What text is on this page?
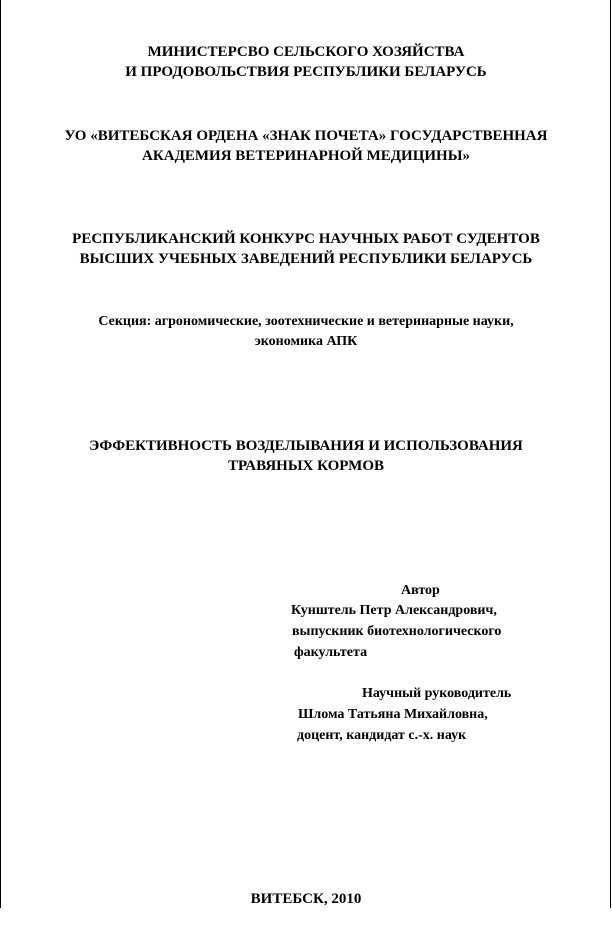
МИНИСТЕРСВО СЕЛЬСКОГО ХОЗЯЙСТВА
И ПРОДОВОЛЬСТВИЯ РЕСПУБЛИКИ БЕЛАРУСЬ
УО «ВИТЕБСКАЯ ОРДЕНА «ЗНАК ПОЧЕТА» ГОСУДАРСТВЕННАЯ
АКАДЕМИЯ ВЕТЕРИНАРНОЙ МЕДИЦИНЫ»
РЕСПУБЛИКАНСКИЙ КОНКУРС НАУЧНЫХ РАБОТ СУДЕНТОВ
ВЫСШИХ УЧЕБНЫХ ЗАВЕДЕНИЙ РЕСПУБЛИКИ БЕЛАРУСЬ
Секция: агрономические, зоотехнические и ветеринарные науки,
экономика АПК
ЭФФЕКТИВНОСТЬ ВОЗДЕЛЫВАНИЯ И ИСПОЛЬЗОВАНИЯ
ТРАВЯНЫХ КОРМОВ
Автор
Кунштель Петр Александрович,
выпускник биотехнологического
факультета
Научный руководитель
Шлома Татьяна Михайловна,
доцент, кандидат с.-х. наук
ВИТЕБСК, 2010
